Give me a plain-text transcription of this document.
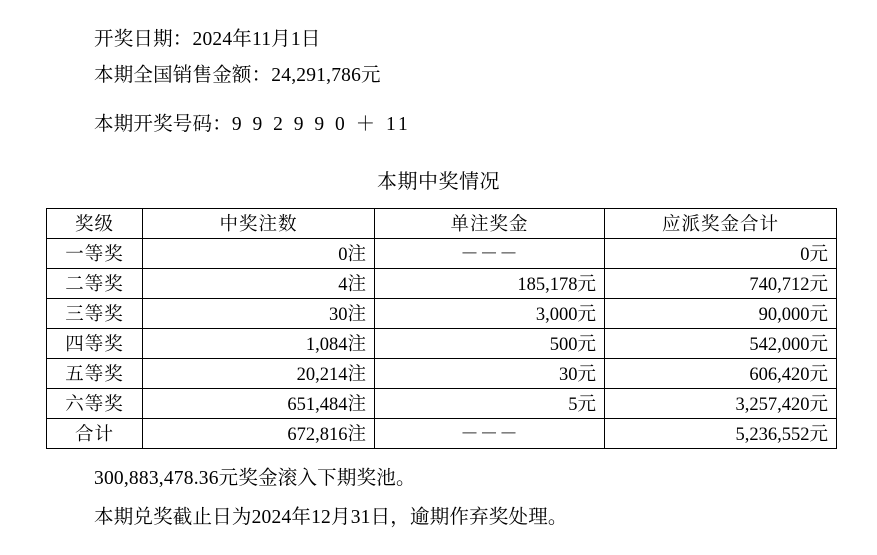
开奖日期：2024年11月1日
本期全国销售金额：24,291,786元
本期开奖号码：9 9 2 9 9 0 ＋ 11
本期中奖情况
奖级	中奖注数	单注奖金	应派奖金合计
一等奖	0注	－－－	0元
二等奖	4注	185,178元	740,712元
三等奖	30注	3,000元	90,000元
四等奖	1,084注	500元	542,000元
五等奖	20,214注	30元	606,420元
六等奖	651,484注	5元	3,257,420元
合计	672,816注	－－－	5,236,552元
300,883,478.36元奖金滚入下期奖池。
本期兑奖截止日为2024年12月31日，逾期作弃奖处理。
